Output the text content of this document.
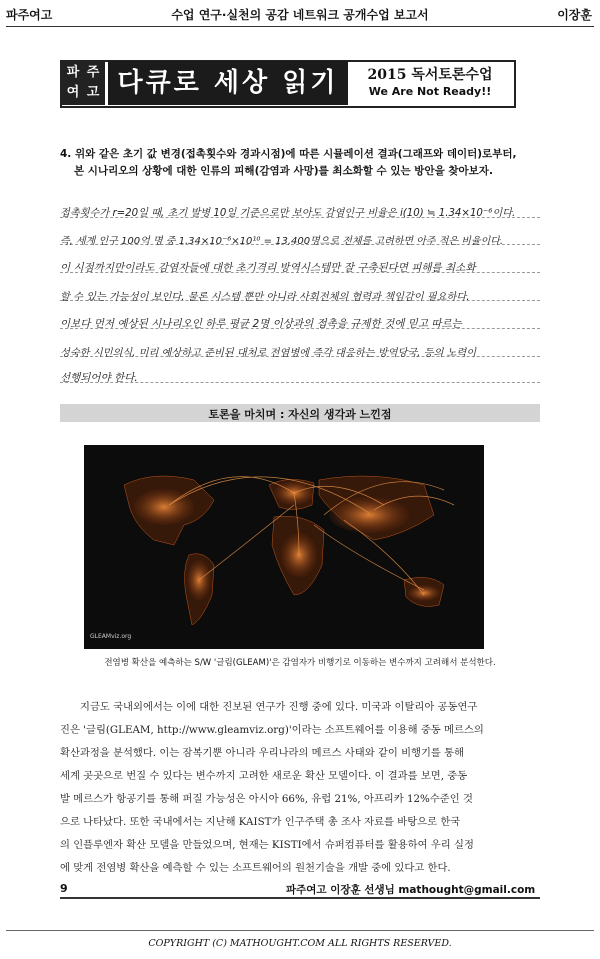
파주여고	수업 연구·실천의 공감 네트워크 공개수업 보고서	이장훈
파 주
여 고 다큐로 세상 읽기	2015 독서토론수업
We Are Not Ready!!
4. 위와 같은 초기 값 변경(접촉횟수와 경과시점)에 따른 시뮬레이션 결과(그래프와 데이터)로부터,
본 시나리오의 상황에 대한 인류의 피해(감염과 사망)를 최소화할 수 있는 방안을 찾아보자.
접촉횟수가 r=20일 때, 초기 발병 10일 기준으로만 보아도 감염인구 비율은 i(10) ≒ 1.34×10⁻⁶이다.
즉, 세계 인구 100억 명 중 1.34×10⁻⁶×10¹⁰ = 13,400명으로 전체를 고려하면 아주 적은 비율이다.
이 시점까지만이라도 감염자들에 대한 초기격리 방역시스템만 잘 구축된다면 피해를 최소화
할 수 있는 가능성이 보인다. 물론 시스템 뿐만 아니라 사회전체의 협력과 책임감이 필요하다.
이보다 먼저 예상된 시나리오인 하루 평균 2명 이상과의 접촉을 규제한 것에 믿고 따르는
성숙한 시민의식, 미리 예상하고 준비된 대처로 전염병에 즉각 대응하는 방역당국, 등의 노력이
선행되어야 한다.
토론을 마치며 : 자신의 생각과 느낀점
GLEAMviz.org
전염병 확산을 예측하는 S/W '글림(GLEAM)'은 감염자가 비행기로 이동하는 변수까지 고려해서 분석한다.
지금도 국내외에서는 이에 대한 진보된 연구가 진행 중에 있다. 미국과 이탈리아 공동연구
진은 '글림(GLEAM, http://www.gleamviz.org)'이라는 소프트웨어를 이용해 중동 메르스의
확산과정을 분석했다. 이는 잠복기뿐 아니라 우리나라의 메르스 사태와 같이 비행기를 통해
세계 곳곳으로 번질 수 있다는 변수까지 고려한 새로운 확산 모델이다. 이 결과를 보면, 중동
발 메르스가 항공기를 통해 퍼질 가능성은 아시아 66%, 유럽 21%, 아프리카 12%수준인 것
으로 나타났다. 또한 국내에서는 지난해 KAIST가 인구주택 총 조사 자료를 바탕으로 한국
의 인플루엔자 확산 모델을 만들었으며, 현재는 KISTI에서 슈퍼컴퓨터를 활용하여 우리 실정
에 맞게 전염병 확산을 예측할 수 있는 소프트웨어의 원천기술을 개발 중에 있다고 한다.
9	파주여고 이장훈 선생님 mathought@gmail.com
COPYRIGHT (C) MATHOUGHT.COM ALL RIGHTS RESERVED.
